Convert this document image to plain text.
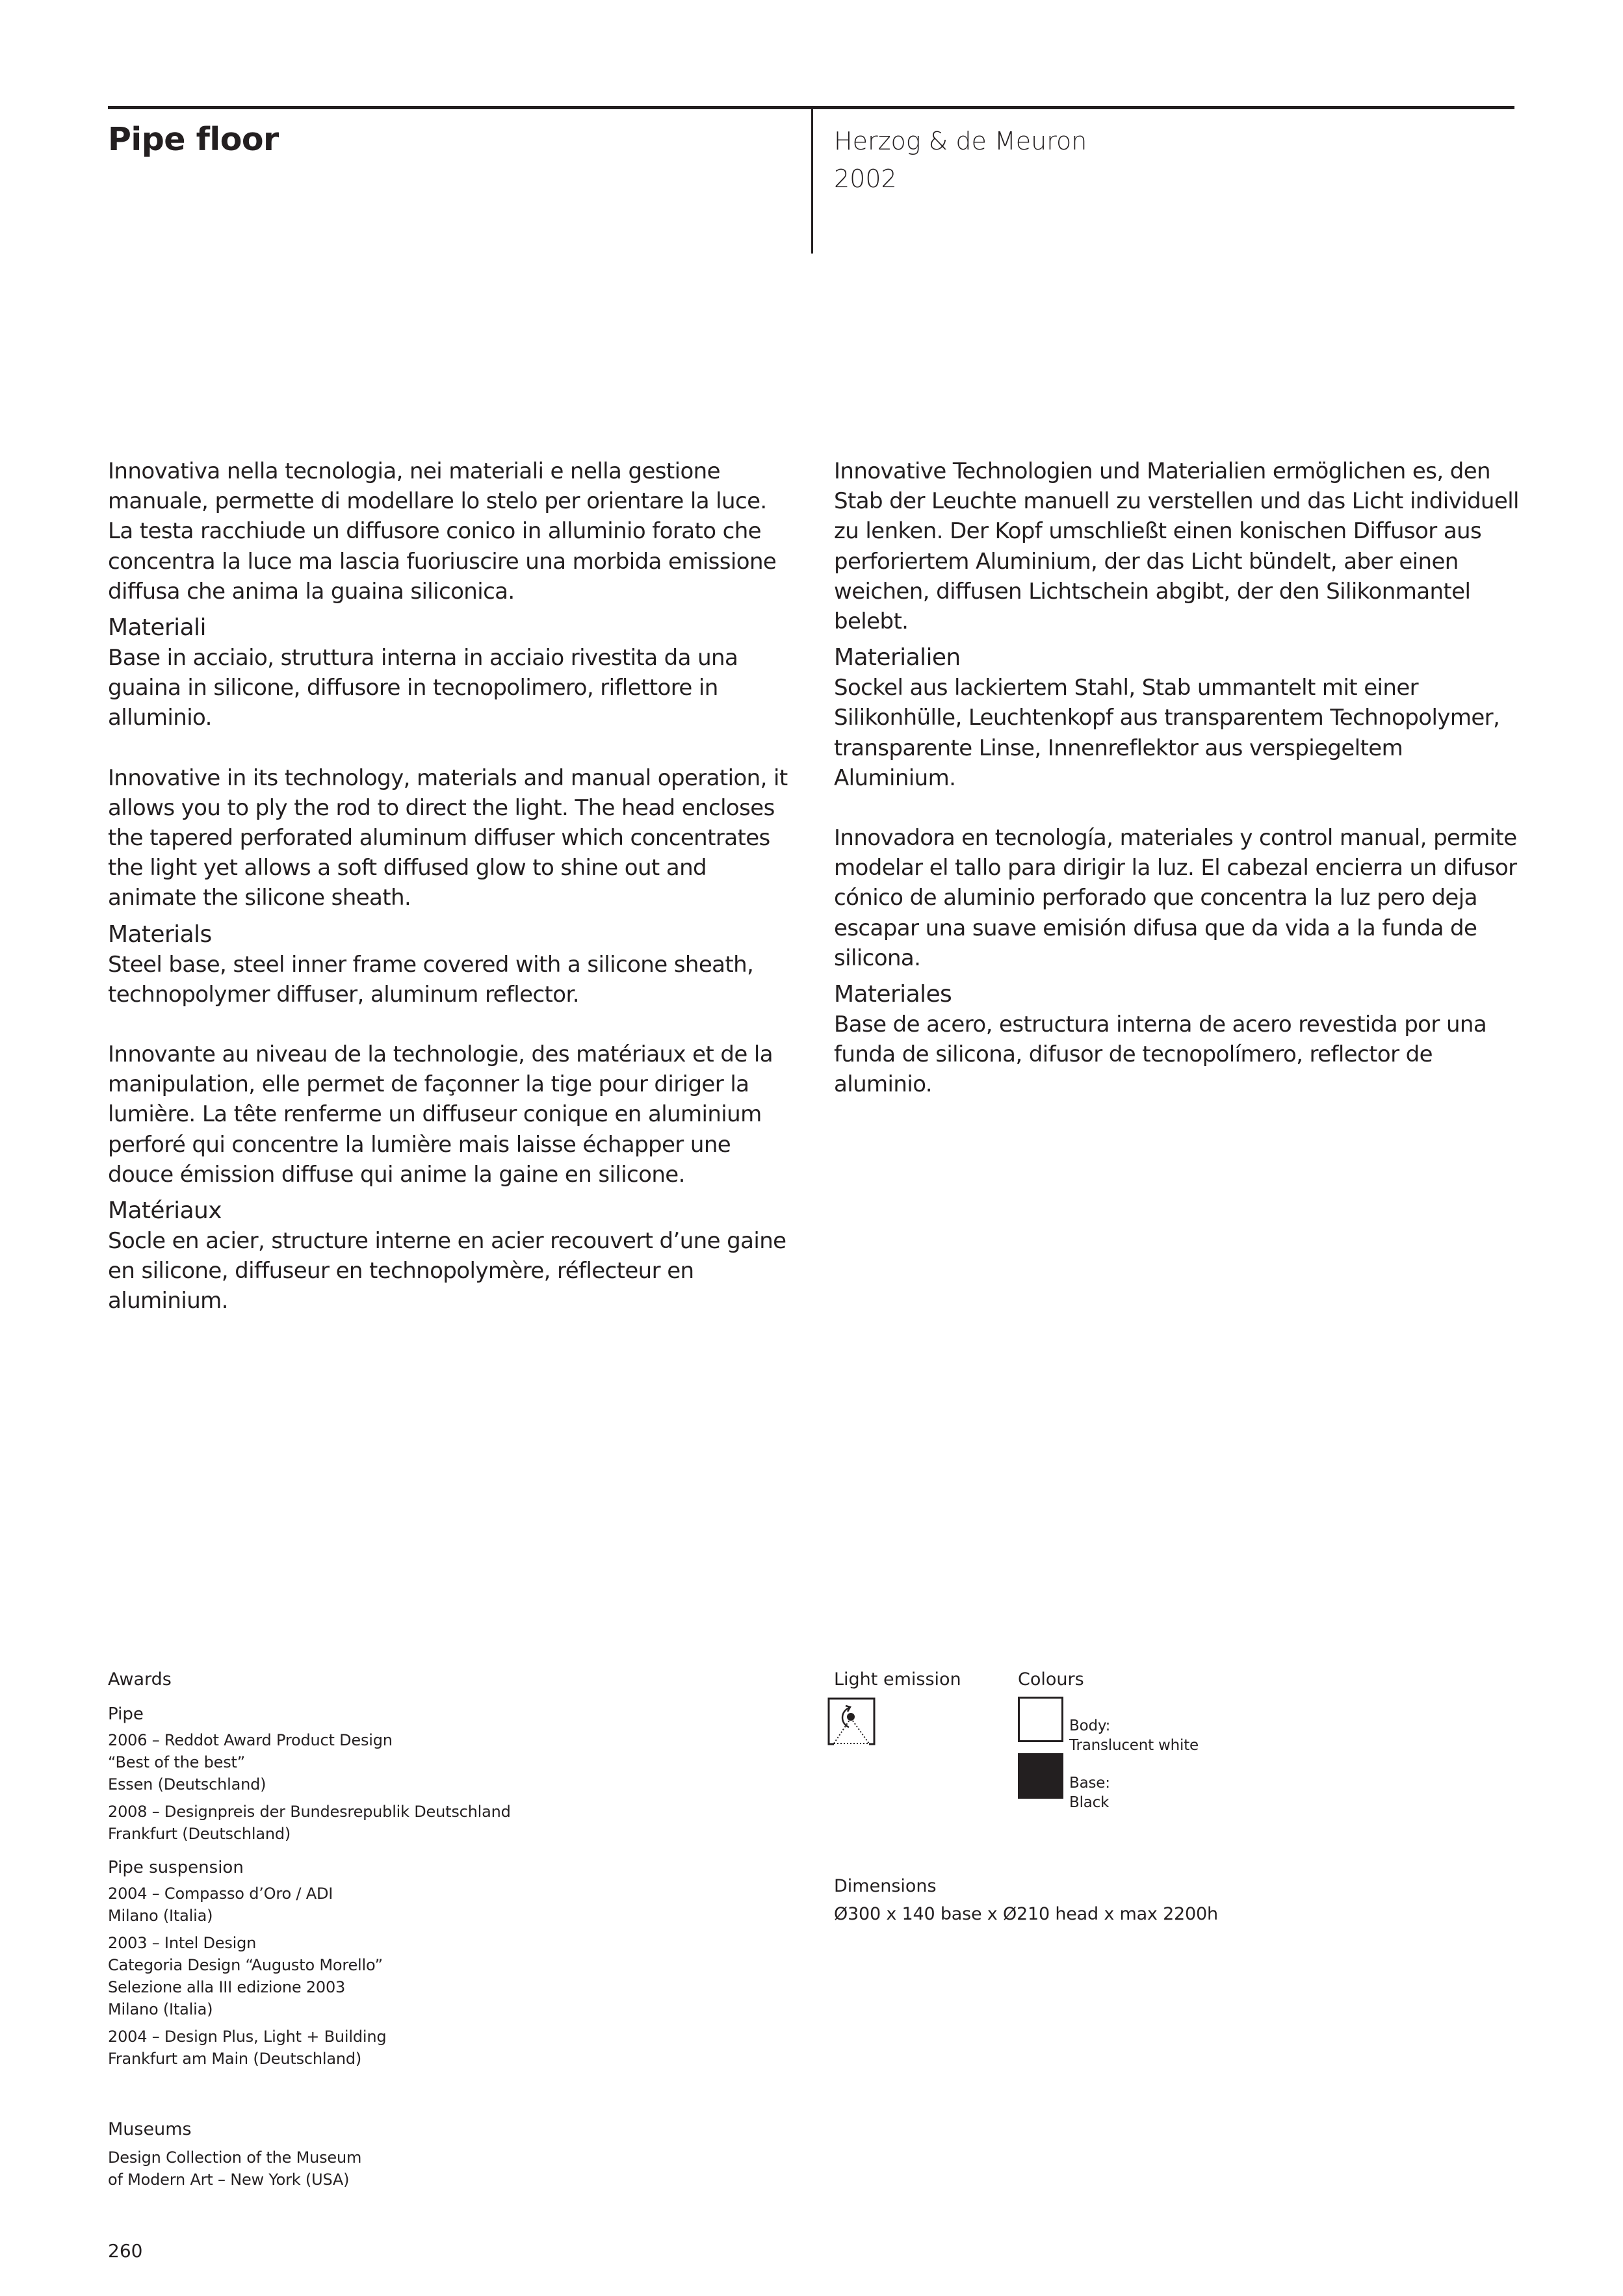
Pipe floor	Herzog & de Meuron
2002

Innovativa nella tecnologia, nei materiali e nella gestione manuale, permette di modellare lo stelo per orientare la luce. La testa racchiude un diffusore conico in alluminio forato che concentra la luce ma lascia fuoriuscire una morbida emissione diffusa che anima la guaina siliconica.

Materiali

Base in acciaio, struttura interna in acciaio rivestita da una guaina in silicone, diffusore in tecnopolimero, riflettore in alluminio.

Innovative in its technology, materials and manual operation, it allows you to ply the rod to direct the light. The head encloses the tapered perforated aluminum diffuser which concentrates the light yet allows a soft diffused glow to shine out and animate the silicone sheath.

Materials

Steel base, steel inner frame covered with a silicone sheath, technopolymer diffuser, aluminum reflector.

Innovante au niveau de la technologie, des matériaux et de la manipulation, elle permet de façonner la tige pour diriger la lumière. La tête renferme un diffuseur conique en aluminium perforé qui concentre la lumière mais laisse échapper une douce émission diffuse qui anime la gaine en silicone.

Matériaux

Socle en acier, structure interne en acier recouvert d’une gaine en silicone, diffuseur en technopolymère, réflecteur en aluminium.

Innovative Technologien und Materialien ermöglichen es, den Stab der Leuchte manuell zu verstellen und das Licht individuell zu lenken. Der Kopf umschließt einen konischen Diffusor aus perforiertem Aluminium, der das Licht bündelt, aber einen weichen, diffusen Lichtschein abgibt, der den Silikonmantel belebt.

Materialien

Sockel aus lackiertem Stahl, Stab ummantelt mit einer Silikonhülle, Leuchtenkopf aus transparentem Technopolymer, transparente Linse, Innenreflektor aus verspiegeltem Aluminium.

Innovadora en tecnología, materiales y control manual, permite modelar el tallo para dirigir la luz. El cabezal encierra un difusor cónico de aluminio perforado que concentra la luz pero deja escapar una suave emisión difusa que da vida a la funda de silicona.

Materiales

Base de acero, estructura interna de acero revestida por una funda de silicona, difusor de tecnopolímero, reflector de aluminio.

Awards

Pipe

2006 – Reddot Award Product Design
“Best of the best”
Essen (Deutschland)
2008 – Designpreis der Bundesrepublik Deutschland
Frankfurt (Deutschland)

Pipe suspension

2004 – Compasso d’Oro / ADI
Milano (Italia)
2003 – Intel Design
Categoria Design “Augusto Morello”
Selezione alla III edizione 2003
Milano (Italia)
2004 – Design Plus, Light + Building
Frankfurt am Main (Deutschland)

Museums

Design Collection of the Museum
of Modern Art – New York (USA)
260

Light emission	Colours

Body:
Translucent white
Base:
Black

Dimensions

Ø300 x 140 base x Ø210 head x max 2200h
